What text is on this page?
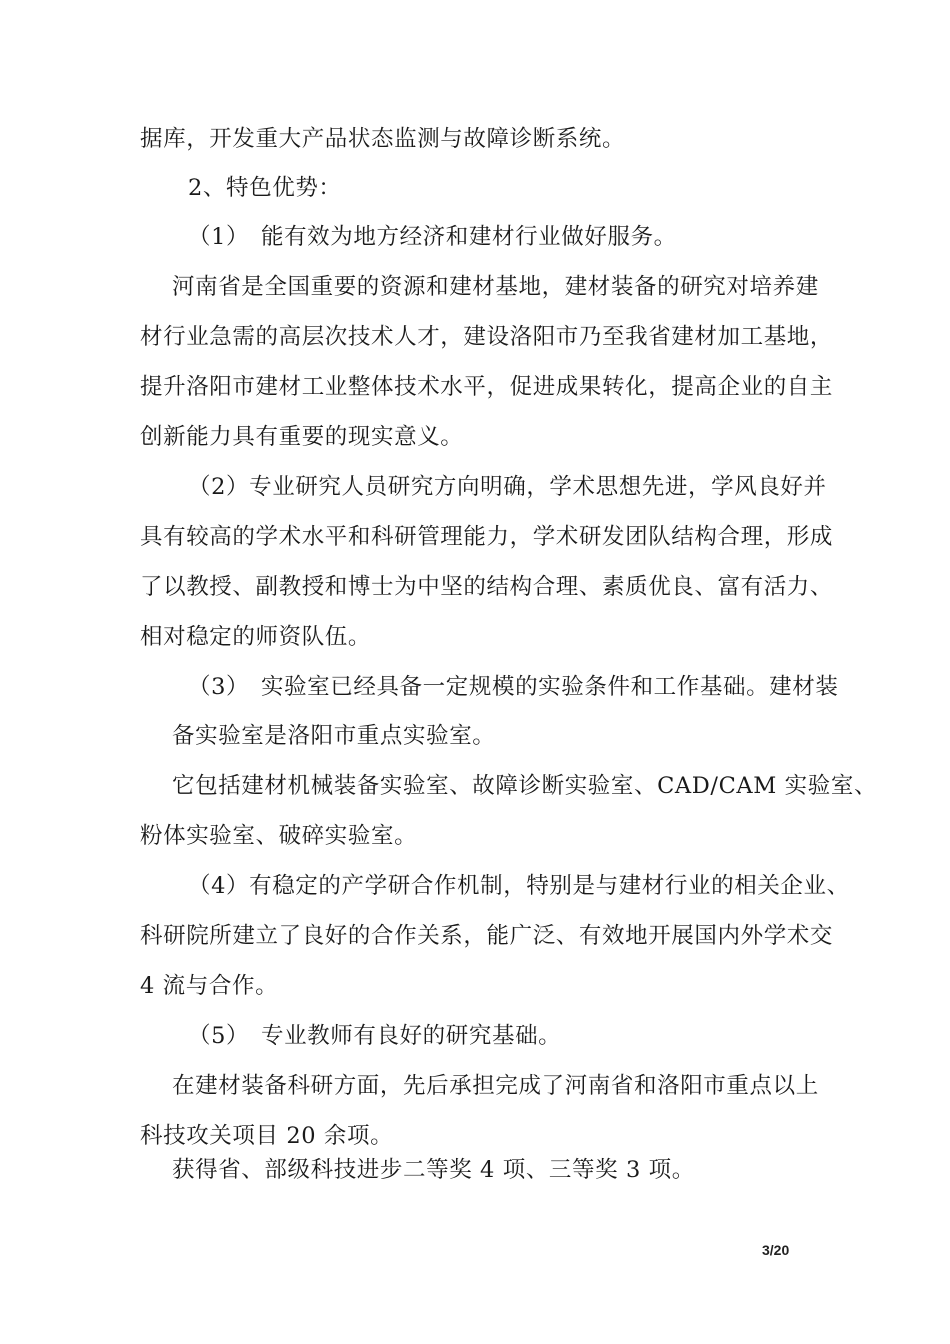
据库，开发重大产品状态监测与故障诊断系统。

2、特色优势：

（1）　能有效为地方经济和建材行业做好服务。

河南省是全国重要的资源和建材基地，建材装备的研究对培养建

材行业急需的高层次技术人才，建设洛阳市乃至我省建材加工基地，

提升洛阳市建材工业整体技术水平，促进成果转化，提高企业的自主

创新能力具有重要的现实意义。

（2）专业研究人员研究方向明确，学术思想先进，学风良好并

具有较高的学术水平和科研管理能力，学术研发团队结构合理，形成

了以教授、副教授和博士为中坚的结构合理、素质优良、富有活力、

相对稳定的师资队伍。

（3）　实验室已经具备一定规模的实验条件和工作基础。建材装

备实验室是洛阳市重点实验室。

它包括建材机械装备实验室、故障诊断实验室、CAD/CAM 实验室、

粉体实验室、破碎实验室。

（4）有稳定的产学研合作机制，特别是与建材行业的相关企业、

科研院所建立了良好的合作关系，能广泛、有效地开展国内外学术交

4 流与合作。

（5）　专业教师有良好的研究基础。

在建材装备科研方面，先后承担完成了河南省和洛阳市重点以上

科技攻关项目 20 余项。

获得省、部级科技进步二等奖 4 项、三等奖 3 项。

3/20
